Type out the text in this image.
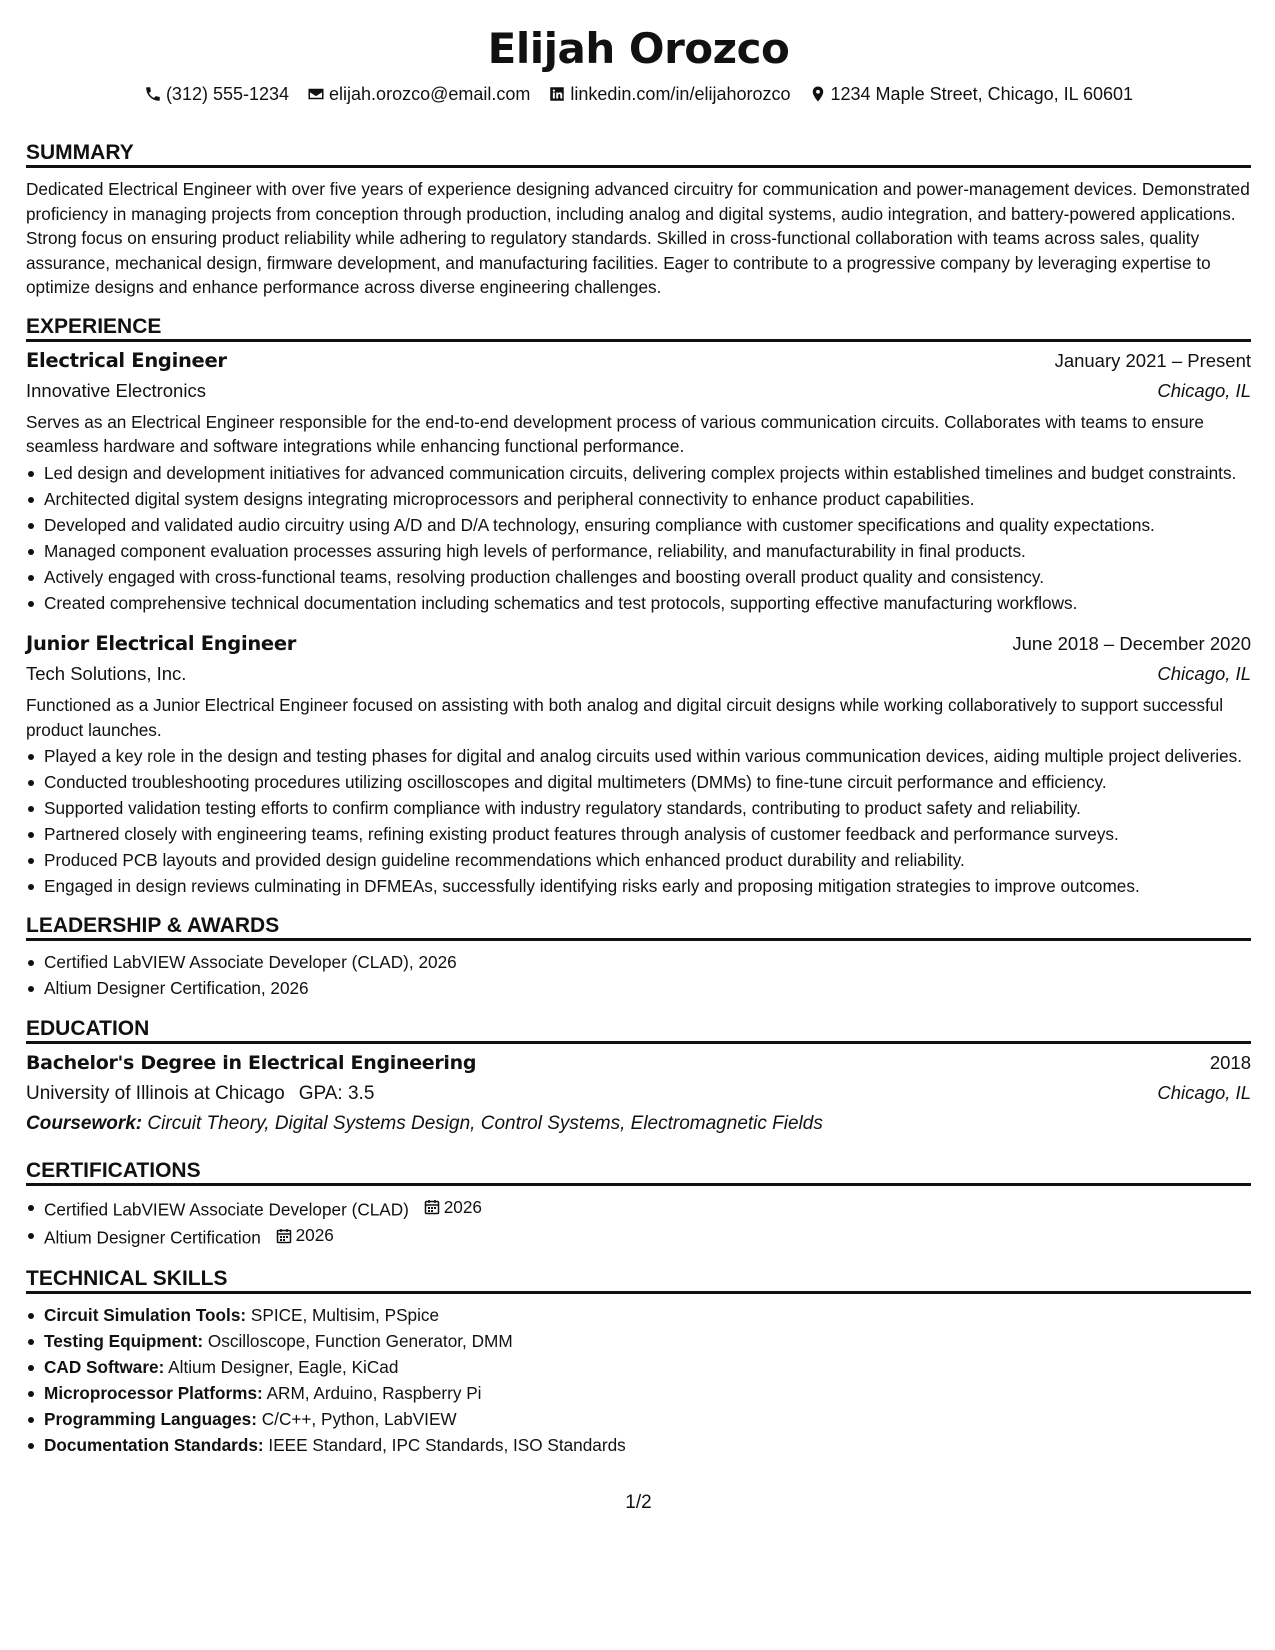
Elijah Orozco
(312) 555-1234 elijah.orozco@email.com linkedin.com/in/elijahorozco 1234 Maple Street, Chicago, IL 60601
SUMMARY

Dedicated Electrical Engineer with over five years of experience designing advanced circuitry for communication and power-management devices. Demonstrated proficiency in managing projects from conception through production, including analog and digital systems, audio integration, and battery-powered applications. Strong focus on ensuring product reliability while adhering to regulatory standards. Skilled in cross-functional collaboration with teams across sales, quality assurance, mechanical design, firmware development, and manufacturing facilities. Eager to contribute to a progressive company by leveraging expertise to optimize designs and enhance performance across diverse engineering challenges.

EXPERIENCE
Electrical Engineer	January 2021 – Present
Innovative Electronics	Chicago, IL

Serves as an Electrical Engineer responsible for the end-to-end development process of various communication circuits. Collaborates with teams to ensure seamless hardware and software integrations while enhancing functional performance.

Led design and development initiatives for advanced communication circuits, delivering complex projects within established timelines and budget constraints.
Architected digital system designs integrating microprocessors and peripheral connectivity to enhance product capabilities.
Developed and validated audio circuitry using A/D and D/A technology, ensuring compliance with customer specifications and quality expectations.
Managed component evaluation processes assuring high levels of performance, reliability, and manufacturability in final products.
Actively engaged with cross-functional teams, resolving production challenges and boosting overall product quality and consistency.
Created comprehensive technical documentation including schematics and test protocols, supporting effective manufacturing workflows.
Junior Electrical Engineer	June 2018 – December 2020
Tech Solutions, Inc.	Chicago, IL

Functioned as a Junior Electrical Engineer focused on assisting with both analog and digital circuit designs while working collaboratively to support successful product launches.

Played a key role in the design and testing phases for digital and analog circuits used within various communication devices, aiding multiple project deliveries.
Conducted troubleshooting procedures utilizing oscilloscopes and digital multimeters (DMMs) to fine-tune circuit performance and efficiency.
Supported validation testing efforts to confirm compliance with industry regulatory standards, contributing to product safety and reliability.
Partnered closely with engineering teams, refining existing product features through analysis of customer feedback and performance surveys.
Produced PCB layouts and provided design guideline recommendations which enhanced product durability and reliability.
Engaged in design reviews culminating in DFMEAs, successfully identifying risks early and proposing mitigation strategies to improve outcomes.
LEADERSHIP & AWARDS
Certified LabVIEW Associate Developer (CLAD), 2026
Altium Designer Certification, 2026
EDUCATION
Bachelor's Degree in Electrical Engineering	2018
University of Illinois at Chicago GPA: 3.5	Chicago, IL
Coursework: Circuit Theory, Digital Systems Design, Control Systems, Electromagnetic Fields
CERTIFICATIONS
Certified LabVIEW Associate Developer (CLAD) 2026
Altium Designer Certification 2026
TECHNICAL SKILLS
Circuit Simulation Tools: SPICE, Multisim, PSpice
Testing Equipment: Oscilloscope, Function Generator, DMM
CAD Software: Altium Designer, Eagle, KiCad
Microprocessor Platforms: ARM, Arduino, Raspberry Pi
Programming Languages: C/C++, Python, LabVIEW
Documentation Standards: IEEE Standard, IPC Standards, ISO Standards
1/2
